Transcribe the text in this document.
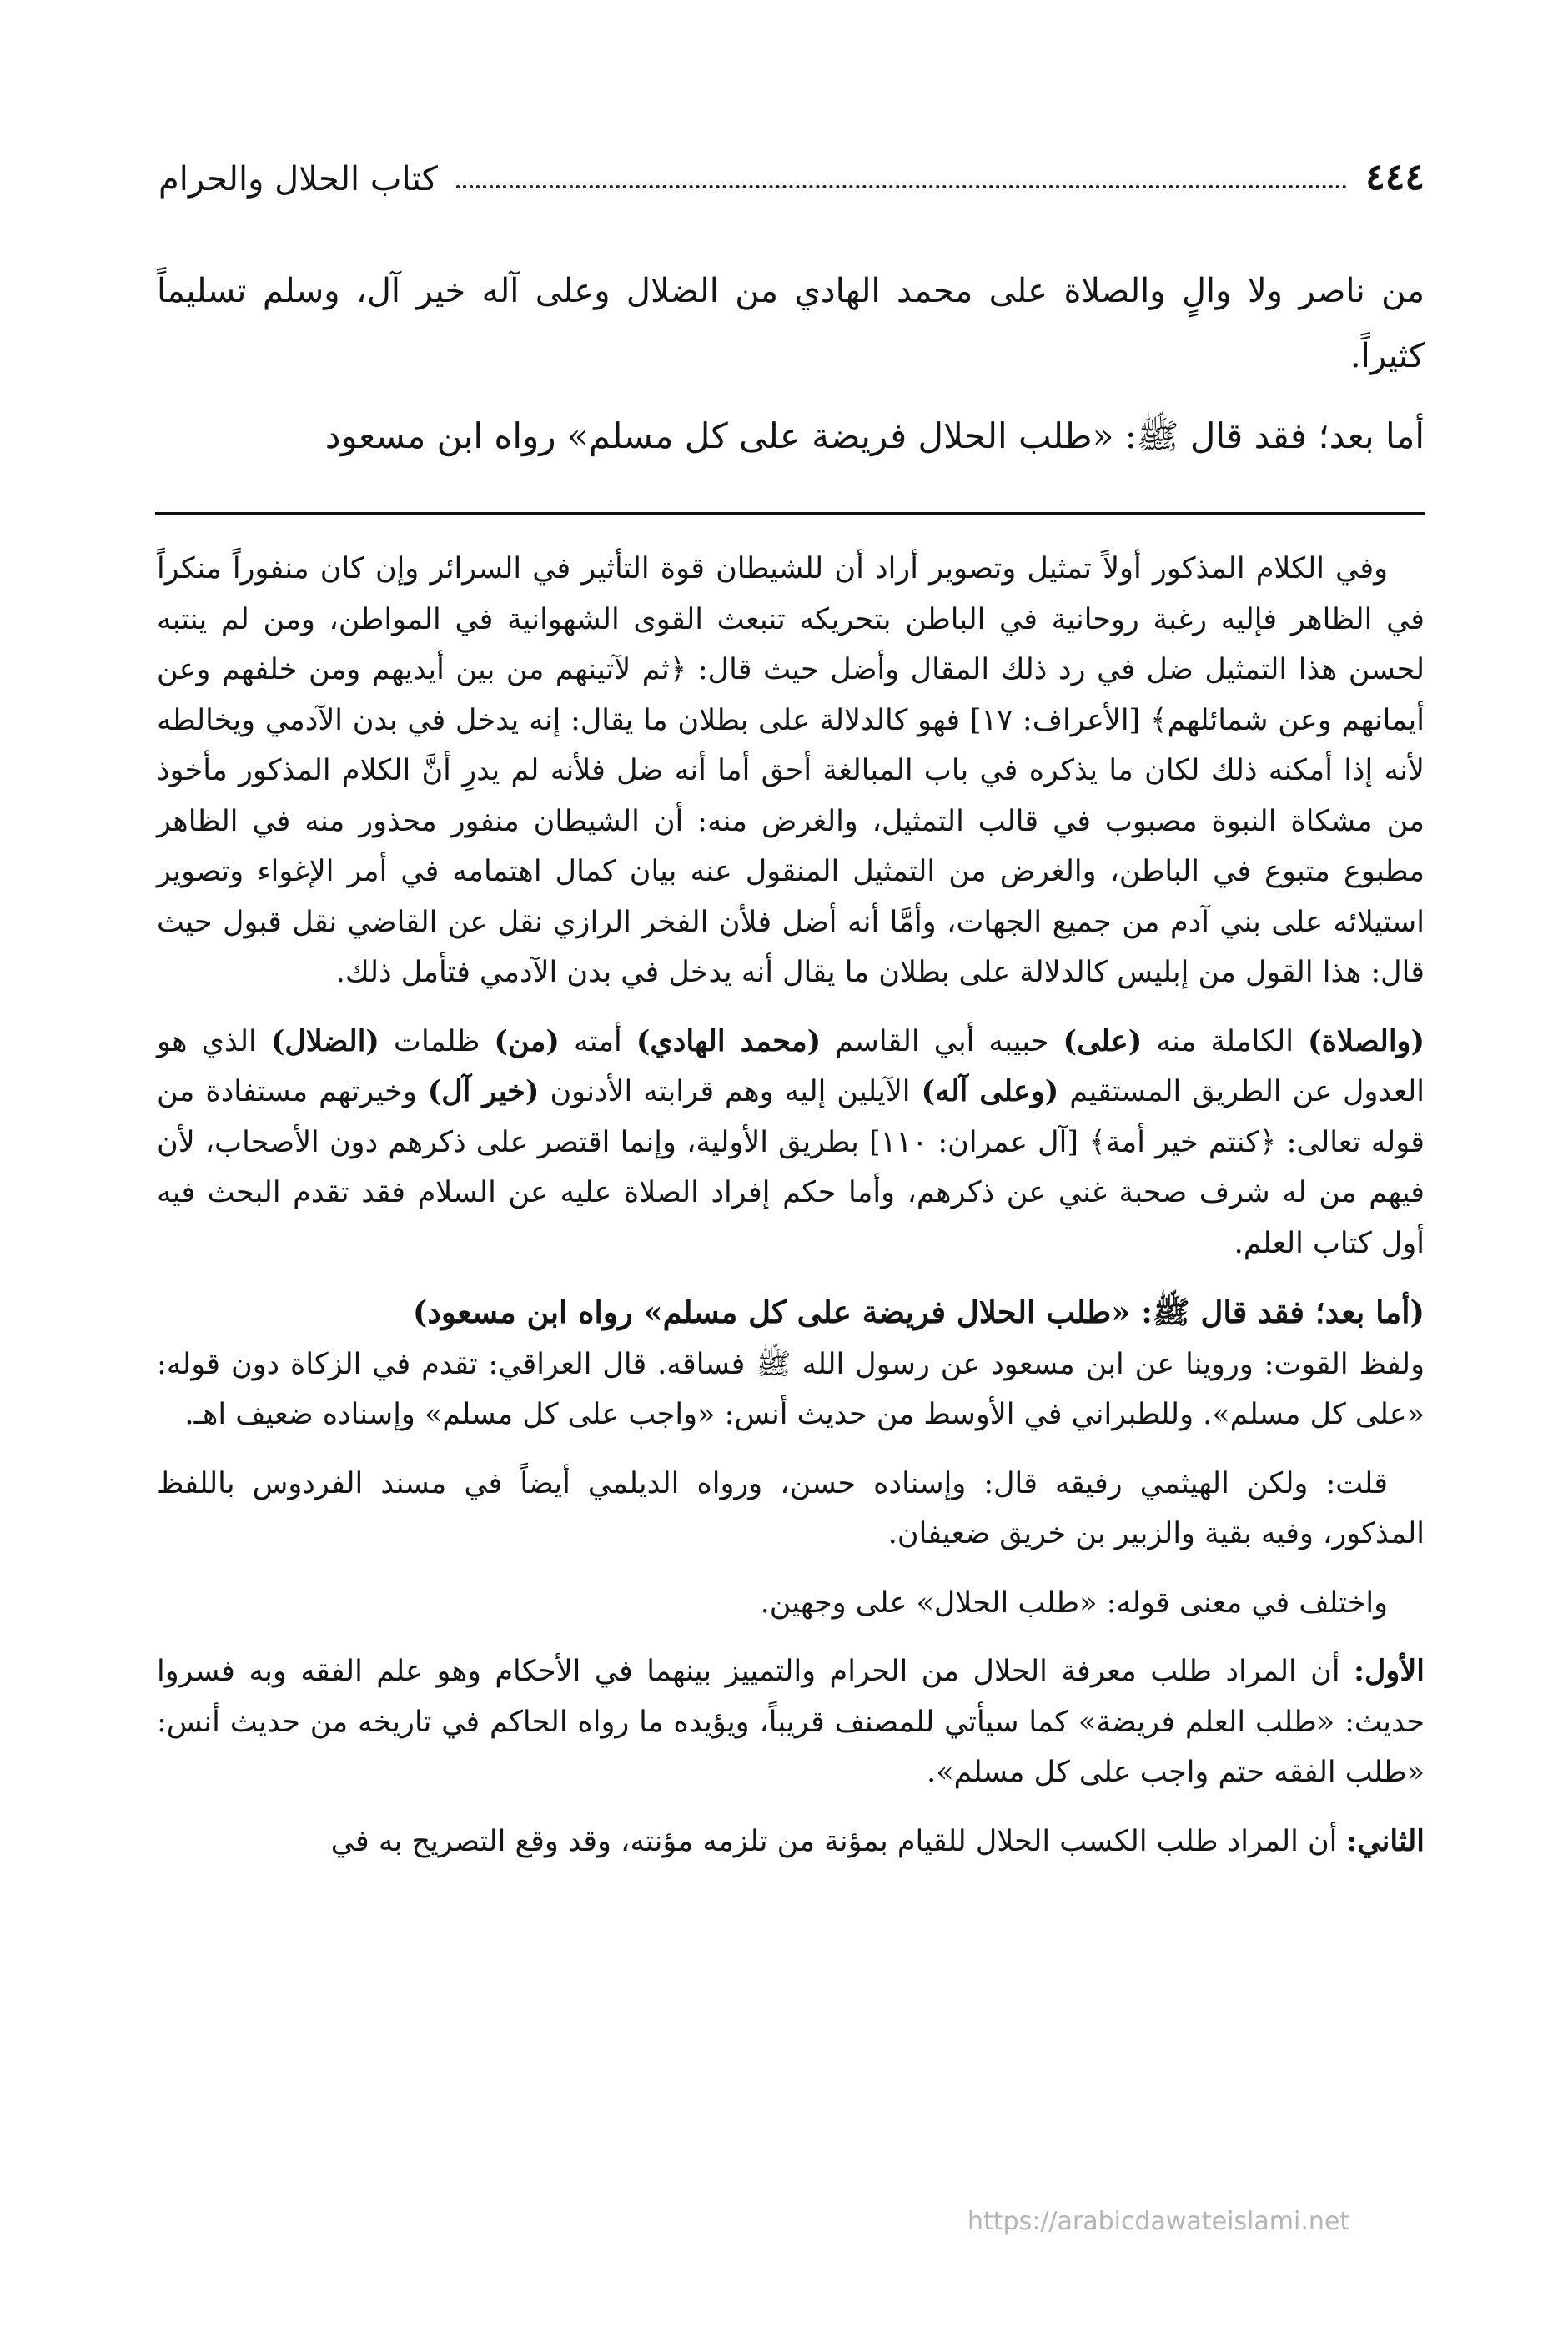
٤٤٤
كتاب الحلال والحرام

من ناصر ولا والٍ والصلاة على محمد الهادي من الضلال وعلى آله خير آل، وسلم تسليماً كثيراً.

أما بعد؛ فقد قال ﷺ: «طلب الحلال فريضة على كل مسلم» رواه ابن مسعود

وفي الكلام المذكور أولاً تمثيل وتصوير أراد أن للشيطان قوة التأثير في السرائر وإن كان منفوراً منكراً في الظاهر فإليه رغبة روحانية في الباطن بتحريكه تنبعث القوى الشهوانية في المواطن، ومن لم ينتبه لحسن هذا التمثيل ضل في رد ذلك المقال وأضل حيث قال: ﴿ثم لآتينهم من بين أيديهم ومن خلفهم وعن أيمانهم وعن شمائلهم﴾ [الأعراف: ١٧] فهو كالدلالة على بطلان ما يقال: إنه يدخل في بدن الآدمي ويخالطه لأنه إذا أمكنه ذلك لكان ما يذكره في باب المبالغة أحق أما أنه ضل فلأنه لم يدرِ أنَّ الكلام المذكور مأخوذ من مشكاة النبوة مصبوب في قالب التمثيل، والغرض منه: أن الشيطان منفور محذور منه في الظاهر مطبوع متبوع في الباطن، والغرض من التمثيل المنقول عنه بيان كمال اهتمامه في أمر الإغواء وتصوير استيلائه على بني آدم من جميع الجهات، وأمَّا أنه أضل فلأن الفخر الرازي نقل عن القاضي نقل قبول حيث قال: هذا القول من إبليس كالدلالة على بطلان ما يقال أنه يدخل في بدن الآدمي فتأمل ذلك.

(والصلاة) الكاملة منه (على) حبيبه أبي القاسم (محمد الهادي) أمته (من) ظلمات (الضلال) الذي هو العدول عن الطريق المستقيم (وعلى آله) الآيلين إليه وهم قرابته الأدنون (خير آل) وخيرتهم مستفادة من قوله تعالى: ﴿كنتم خير أمة﴾ [آل عمران: ١١٠] بطريق الأولية، وإنما اقتصر على ذكرهم دون الأصحاب، لأن فيهم من له شرف صحبة غني عن ذكرهم، وأما حكم إفراد الصلاة عليه عن السلام فقد تقدم البحث فيه أول كتاب العلم.

(أما بعد؛ فقد قال ﷺ: «طلب الحلال فريضة على كل مسلم» رواه ابن مسعود)

ولفظ القوت: وروينا عن ابن مسعود عن رسول الله ﷺ فساقه. قال العراقي: تقدم في الزكاة دون قوله: «على كل مسلم». وللطبراني في الأوسط من حديث أنس: «واجب على كل مسلم» وإسناده ضعيف اهـ.

قلت: ولكن الهيثمي رفيقه قال: وإسناده حسن، ورواه الديلمي أيضاً في مسند الفردوس باللفظ المذكور، وفيه بقية والزبير بن خريق ضعيفان.

واختلف في معنى قوله: «طلب الحلال» على وجهين.

الأول: أن المراد طلب معرفة الحلال من الحرام والتمييز بينهما في الأحكام وهو علم الفقه وبه فسروا حديث: «طلب العلم فريضة» كما سيأتي للمصنف قريباً، ويؤيده ما رواه الحاكم في تاريخه من حديث أنس: «طلب الفقه حتم واجب على كل مسلم».

الثاني: أن المراد طلب الكسب الحلال للقيام بمؤنة من تلزمه مؤنته، وقد وقع التصريح به في

https://arabicdawateislami.net
